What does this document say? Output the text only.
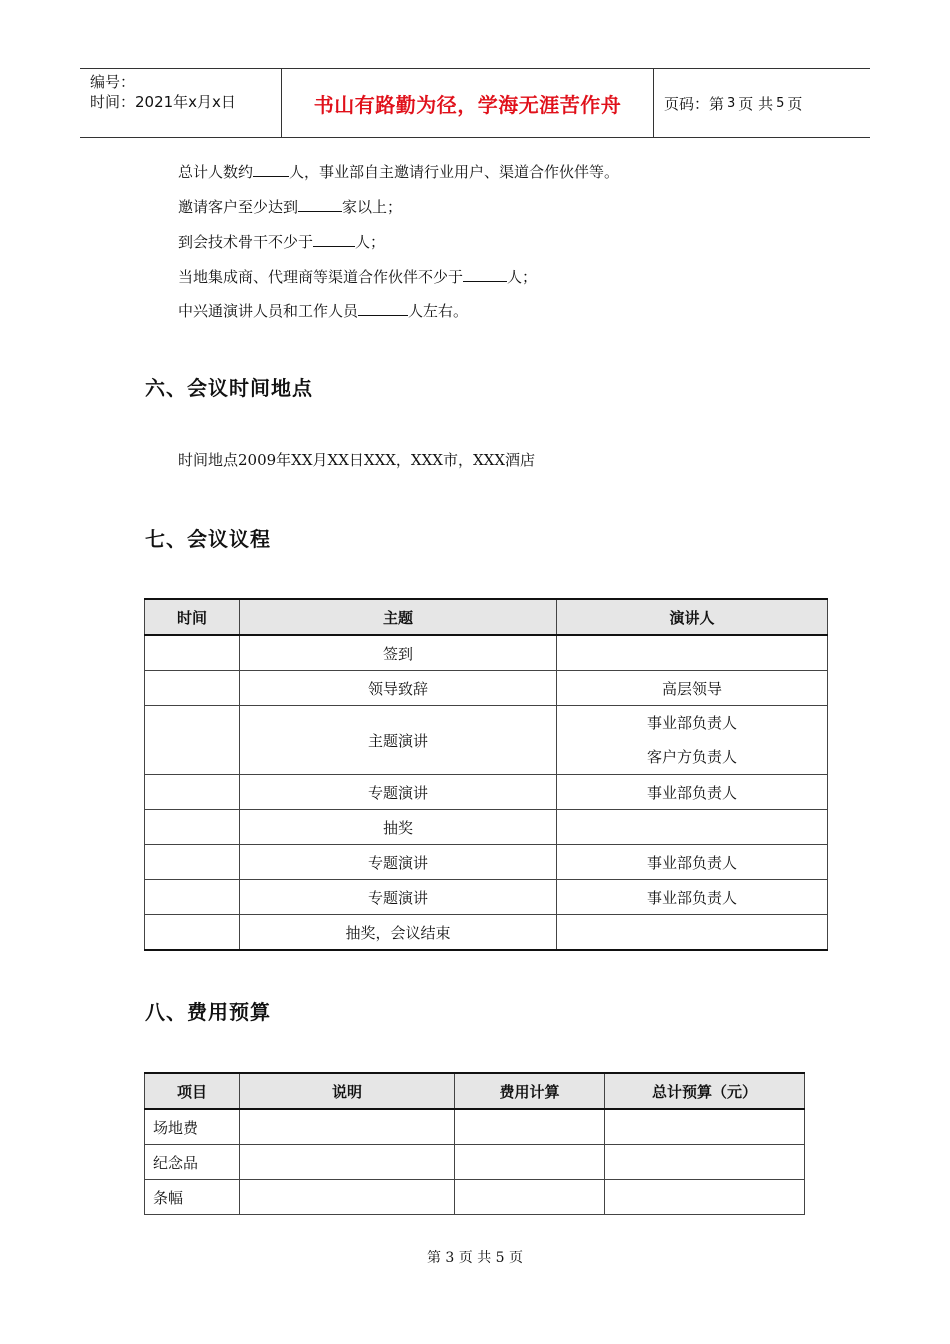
编号：
时间：2021年x月x日	书山有路勤为径，学海无涯苦作舟	页码：第 3 页 共 5 页
总计人数约 人，事业部自主邀请行业用户、渠道合作伙伴等。
邀请客户至少达到	家以上；
到会技术骨干不少于	人；
当地集成商、代理商等渠道合作伙伴不少于	人；
中兴通演讲人员和工作人员	人左右。
六、会议时间地点
时间地点2009年XX月XX日XXX，XXX市，XXX酒店
七、会议议程
时间	主题	演讲人
	签到	
	领导致辞	高层领导
	主题演讲	事业部负责人
客户方负责人

	专题演讲	事业部负责人
	抽奖	
	专题演讲	事业部负责人
	专题演讲	事业部负责人
	抽奖，会议结束	
八、费用预算
项目	说明	费用计算	总计预算（元）
场地费			
纪念品			
条幅			
第 3 页 共 5 页
